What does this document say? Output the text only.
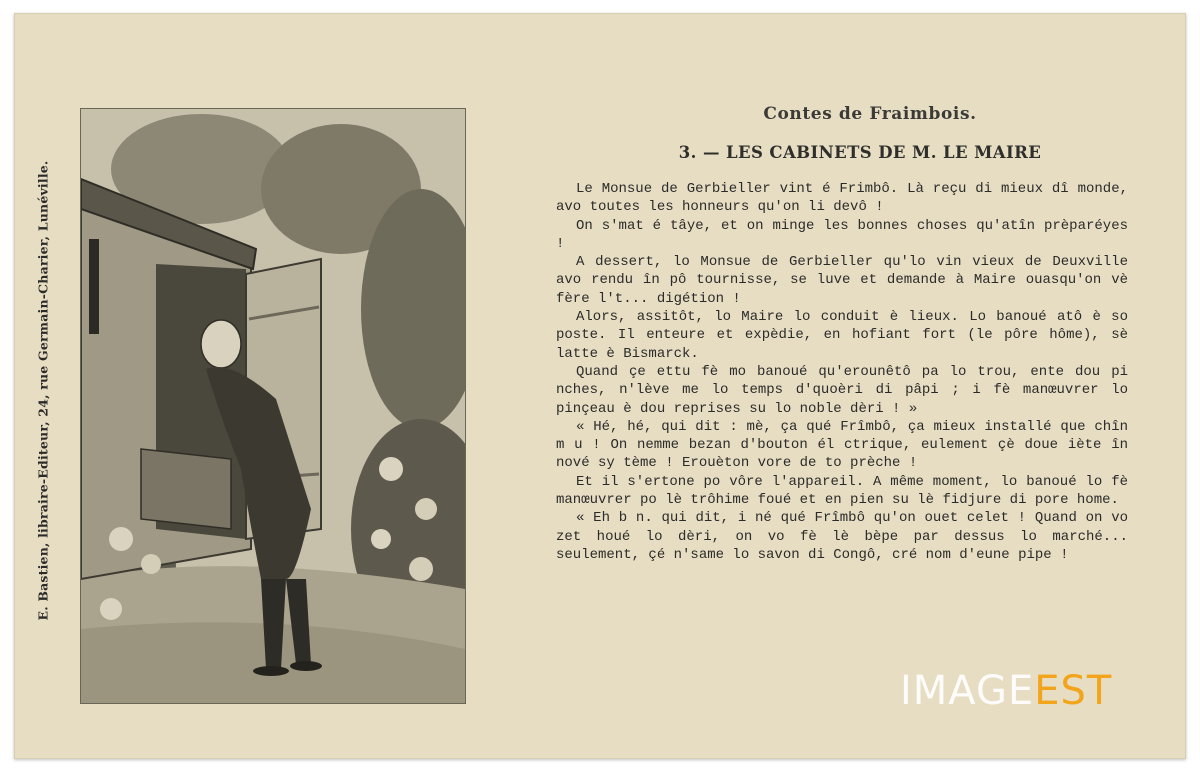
E. Bastien, libraire-Editeur, 24, rue Germain-Charier, Lunéville.
Contes de Fraimbois.
3. — LES CABINETS DE M. LE MAIRE

Le Monsue de Gerbieller vint é Frimbô. Là reçu di mieux dî monde, avo toutes les honneurs qu'on li devô !

On s'mat é tâye, et on minge les bonnes choses qu'atîn prèparéyes !

A dessert, lo Monsue de Gerbieller qu'lo vin vieux de Deuxville avo rendu în pô tournisse, se luve et demande à Maire ouasqu'on vè fère l't... digétion !

Alors, assitôt, lo Maire lo conduit è lieux. Lo banoué atô è so poste. Il enteure et expèdie, en hofiant fort (le pôre hôme), sè latte è Bismarck.

Quand çe ettu fè mo banoué qu'erounêtô pa lo trou, ente dou pi nches, n'lève me lo temps d'quoèri di pâpi ; i fè manœuvrer lo pinçeau è dou reprises su lo noble dèri ! »

« Hé, hé, qui dit : mè, ça qué Frîmbô, ça mieux installé que chîn m u ! On nemme bezan d'bouton él ctrique, eulement çè doue iète în nové sy tème ! Erouèton vore de to prèche !

Et il s'ertone po vôre l'appareil. A même moment, lo banoué lo fè manœuvrer po lè trôhime foué et en pien su lè fidjure di pore home.

« Eh b n. qui dit, i né qué Frîmbô qu'on ouet celet ! Quand on vo zet houé lo dèri, on vo fè lè bèpe par dessus lo marché... seulement, çé n'same lo savon di Congô, cré nom d'eune pipe !

IMAGEEST
